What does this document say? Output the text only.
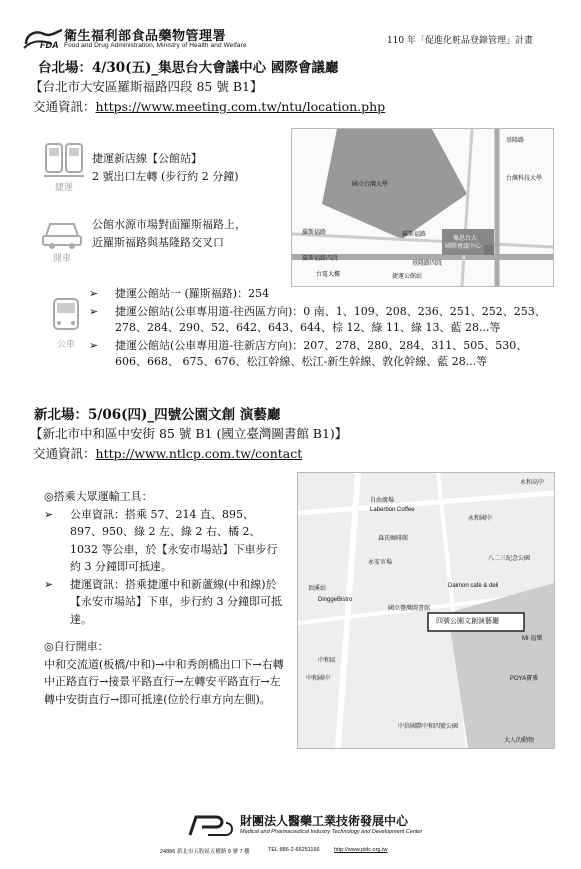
衛生福利部食品藥物管理署
FDA Food and Drug Administration, Ministry of Health and Welfare	110 年「促進化粧品登錄管理」計畫
台北場：4/30(五)_集思台大會議中心 國際會議廳
【台北市大安區羅斯福路四段 85 號 B1】
交通資訊：https://www.meeting.com.tw/ntu/location.php
捷運
捷運新店線【公館站】
2 號出口左轉 (步行約 2 分鐘)
開車
公館水源市場對面羅斯福路上，
近羅斯福路與基隆路交叉口
國立台灣大學
集思台大
國際會議中心
羅斯福路
羅斯福路四段
基隆路四段
台灣科技大學
台電大樓	捷運公館站
基隆路
羅斯福路
公車
➢	捷運公館站一 (羅斯福路)：254
➢	捷運公館站(公車專用道-往西區方向)：0 南、1、109、208、236、251、252、253、278、284、290、52、642、643、644、棕 12、綠 11、綠 13、藍 28...等
➢	捷運公館站(公車專用道-往新店方向)：207、278、280、284、311、505、530、606、668、 675、676、松江幹線、松江-新生幹線、敦化幹線、藍 28...等
新北場：5/06(四)_四號公園文創 演藝廳
【新北市中和區中安街 85 號 B1 (國立臺灣圖書館 B1)】
交通資訊：http://www.ntlcp.com.tw/contact
◎搭乘大眾運輸工具：
➢	公車資訊：搭乘 57、214 直、895、897、950、綠 2 左、綠 2 右、橘 2、1032 等公車，於【永安市場站】下車步行約 3 分鐘即可抵達。
➢	捷運資訊：搭乘捷運中和新蘆線(中和線)於【永安市場站】下車，步行約 3 分鐘即可抵達。
◎自行開車：
中和交流道(板橋/中和)→中和秀朗橋出口下→右轉中正路直行→接景平路直行→左轉安平路直行→左轉中安街直行→即可抵達(位於行車方向左側)。
四號公園文創演藝廳
永和高中
自由廣場
Laberbon Coffee
永和國中
森氏咖啡館
永安市場
八二三紀念公園
Daimon cafe & deli
DinggeBistro
國立臺灣圖書館
MI 福樂
中和國中	POYA寶雅
中信國際中和四號公園
大人的動物
頂溪站
中和區
財團法人醫藥工業技術發展中心
Medical and Pharmaceutical Industry Technology and Development Center
24886 新北市五股區五權路 9 號 7 樓	TEL:886-2-66251166	http://www.pidc.org.tw
